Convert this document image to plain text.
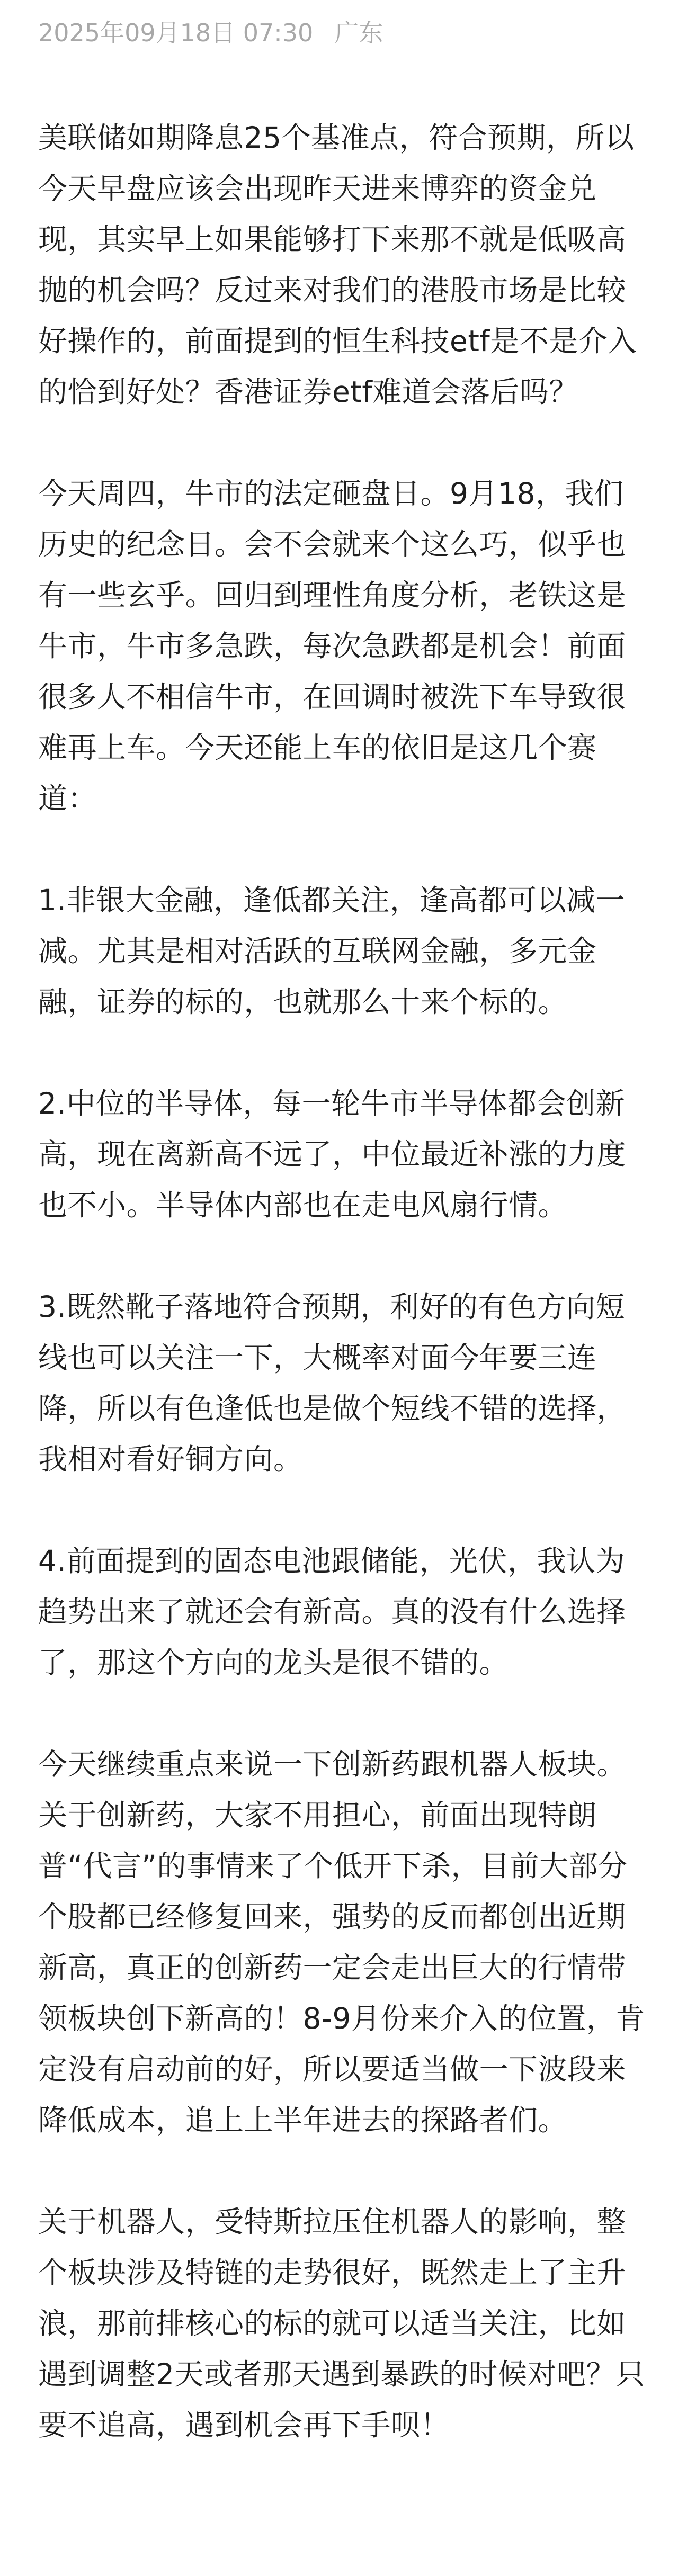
2025年09月18日 07:30 广东

美联储如期降息25个基准点，符合预期，所以今天早盘应该会出现昨天进来博弈的资金兑现，其实早上如果能够打下来那不就是低吸高抛的机会吗？反过来对我们的港股市场是比较好操作的，前面提到的恒生科技etf是不是介入的恰到好处？香港证券etf难道会落后吗？

今天周四，牛市的法定砸盘日。9月18，我们历史的纪念日。会不会就来个这么巧，似乎也有一些玄乎。回归到理性角度分析，老铁这是牛市，牛市多急跌，每次急跌都是机会！前面很多人不相信牛市，在回调时被洗下车导致很难再上车。今天还能上车的依旧是这几个赛道：

1.非银大金融，逢低都关注，逢高都可以减一减。尤其是相对活跃的互联网金融，多元金融，证券的标的，也就那么十来个标的。

2.中位的半导体，每一轮牛市半导体都会创新高，现在离新高不远了，中位最近补涨的力度也不小。半导体内部也在走电风扇行情。

3.既然靴子落地符合预期，利好的有色方向短线也可以关注一下，大概率对面今年要三连降，所以有色逢低也是做个短线不错的选择，我相对看好铜方向。

4.前面提到的固态电池跟储能，光伏，我认为趋势出来了就还会有新高。真的没有什么选择了，那这个方向的龙头是很不错的。

今天继续重点来说一下创新药跟机器人板块。关于创新药，大家不用担心，前面出现特朗普“代言”的事情来了个低开下杀，目前大部分个股都已经修复回来，强势的反而都创出近期新高，真正的创新药一定会走出巨大的行情带领板块创下新高的！8-9月份来介入的位置，肯定没有启动前的好，所以要适当做一下波段来降低成本，追上上半年进去的探路者们。

关于机器人，受特斯拉压住机器人的影响，整个板块涉及特链的走势很好，既然走上了主升浪，那前排核心的标的就可以适当关注，比如遇到调整2天或者那天遇到暴跌的时候对吧？只要不追高，遇到机会再下手呗！
